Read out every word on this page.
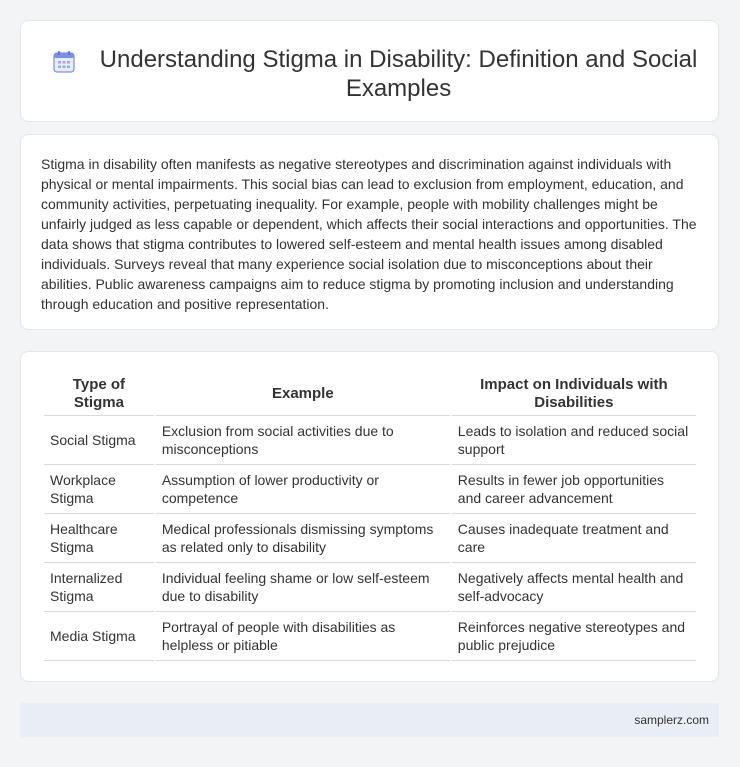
Understanding Stigma in Disability: Definition and Social Examples

Stigma in disability often manifests as negative stereotypes and discrimination against individuals with physical or mental impairments. This social bias can lead to exclusion from employment, education, and community activities, perpetuating inequality. For example, people with mobility challenges might be unfairly judged as less capable or dependent, which affects their social interactions and opportunities. The data shows that stigma contributes to lowered self-esteem and mental health issues among disabled individuals. Surveys reveal that many experience social isolation due to misconceptions about their abilities. Public awareness campaigns aim to reduce stigma by promoting inclusion and understanding through education and positive representation.

Type of Stigma	Example	Impact on Individuals with Disabilities
Social Stigma	Exclusion from social activities due to misconceptions	Leads to isolation and reduced social support
Workplace Stigma	Assumption of lower productivity or competence	Results in fewer job opportunities and career advancement
Healthcare Stigma	Medical professionals dismissing symptoms as related only to disability	Causes inadequate treatment and care
Internalized Stigma	Individual feeling shame or low self-esteem due to disability	Negatively affects mental health and self-advocacy
Media Stigma	Portrayal of people with disabilities as helpless or pitiable	Reinforces negative stereotypes and public prejudice
samplerz.com
